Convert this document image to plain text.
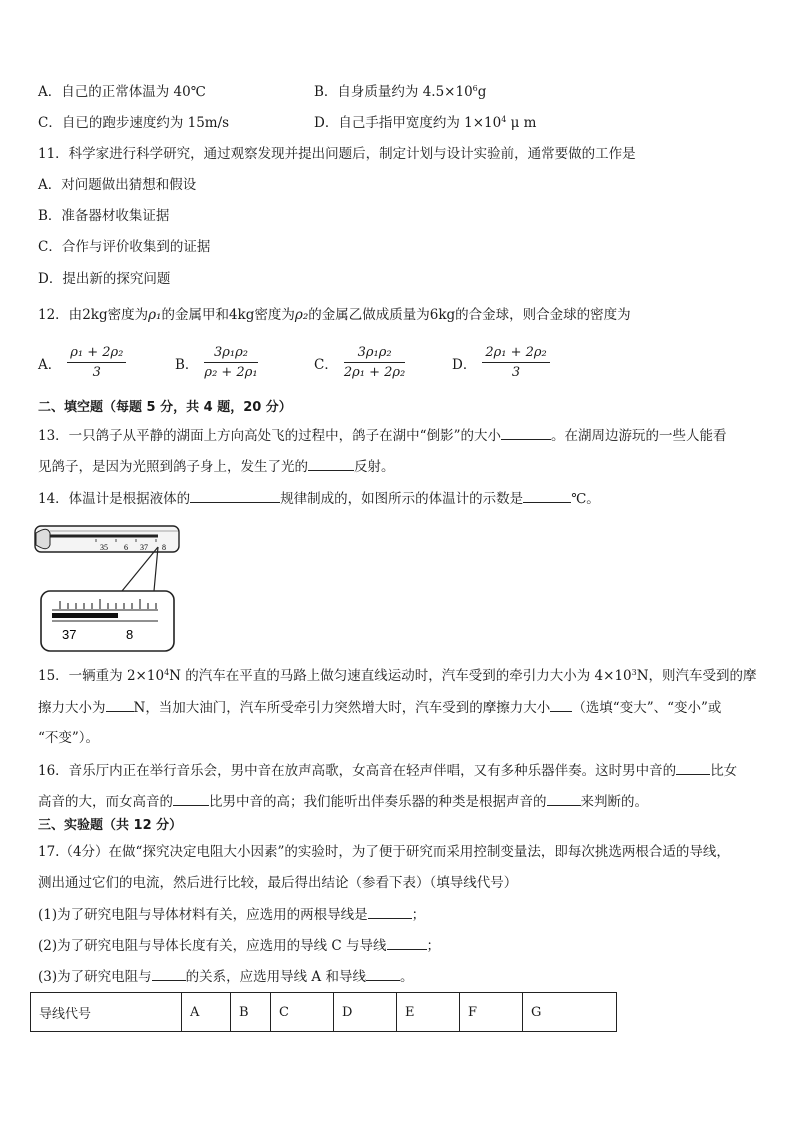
A．自己的正常体温为 40℃	B．自身质量约为 $4.5\times 10^6g$
C．自已的跑步速度约为 15m/s	D．自己手指甲宽度约为 $1\times 10^4$ μ m
11．科学家进行科学研究，通过观察发现并提出问题后，制定计划与设计实验前，通常要做的工作是
A．对问题做出猜想和假设
B．准备器材收集证据
C．合作与评价收集到的证据
D．提出新的探究问题
12．由2kg密度为ρ₁的金属甲和4kg密度为ρ₂的金属乙做成质量为6kg的合金球，则合金球的密度为
A． $\frac{\text{ρ₁ + 2ρ₂}}{3}$	B． $\frac{\text{3ρ₁ρ₂}}{\text{ρ₂ + 2ρ₁}}$	C． $\frac{\text{3ρ₁ρ₂}}{\text{2ρ₁ + 2ρ₂}}$	D． $\frac{\text{2ρ₁ + 2ρ₂}}{3}$
二、填空题（每题 5 分，共 4 题，20 分）
13．一只鸽子从平静的湖面上方向高处飞的过程中，鸽子在湖中“倒影”的大小	。在湖周边游玩的一些人能看
见鸽子，是因为光照到鸽子身上，发生了光的	反射。
14．体温计是根据液体的	规律制成的，如图所示的体温计的示数是	℃。
35 6 37 8
37	8
15．一辆重为 $2\times 10^4N$ 的汽车在平直的马路上做匀速直线运动时，汽车受到的牵引力大小为 $4\times 10^3N$，则汽车受到的摩
擦力大小为 N，当加大油门，汽车所受牵引力突然增大时，汽车受到的摩擦力大小 （选填“变大”、“变小”或
“不变”）。
16．音乐厅内正在举行音乐会，男中音在放声高歌，女高音在轻声伴唱，又有多种乐器伴奏。这时男中音的	比女
高音的大，而女高音的	比男中音的高；我们能听出伴奏乐器的种类是根据声音的	来判断的。
三、实验题（共 12 分）
17.（4分）在做“探究决定电阻大小因素”的实验时，为了便于研究而采用控制变量法，即每次挑选两根合适的导线，
测出通过它们的电流，然后进行比较，最后得出结论（参看下表）（填导线代号）
(1)为了研究电阻与导体材料有关，应选用的两根导线是	；
(2)为了研究电阻与导体长度有关，应选用的导线 C 与导线	；
(3)为了研究电阻与	的关系，应选用导线 A 和导线	。
导线代号	A	B	C	D	E	F	G
